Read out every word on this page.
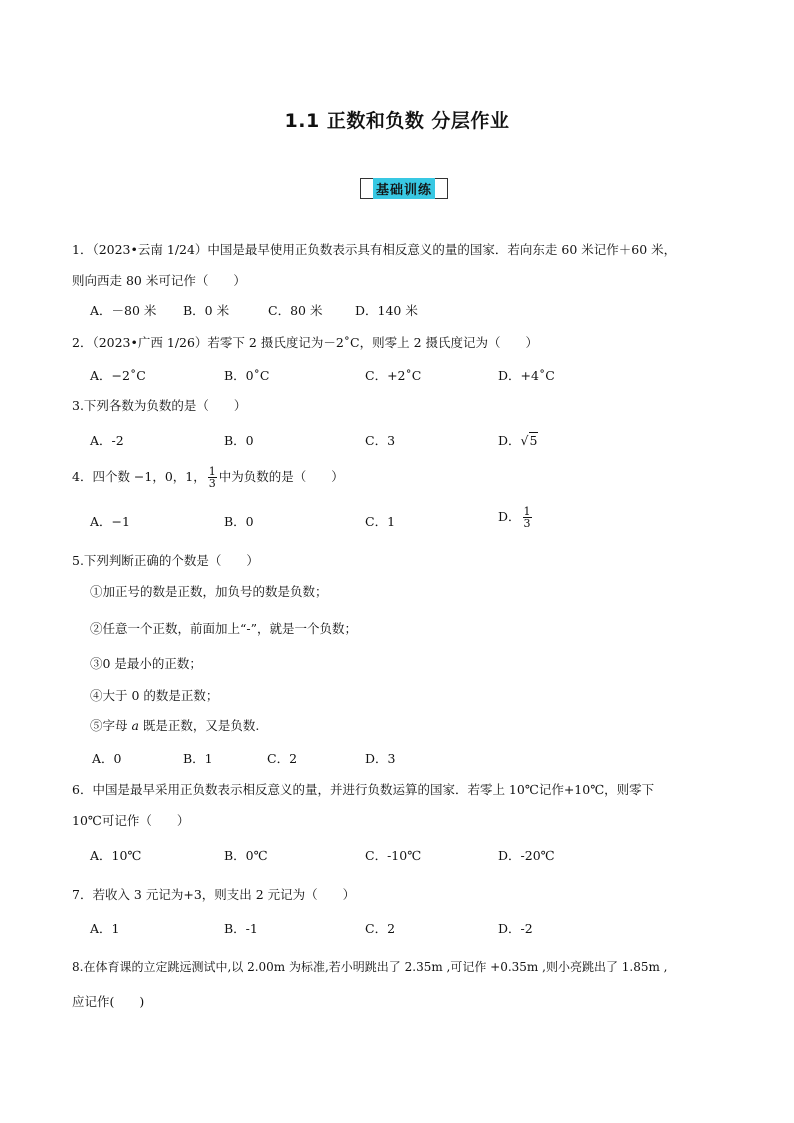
1.1 正数和负数 分层作业
基础训练
1．（2023•云南 1/24）中国是最早使用正负数表示具有相反意义的量的国家．若向东走 60 米记作＋60 米，
则向西走 80 米可记作（　　）
A．－80 米 B．0 米	C．80 米	D．140 米
2．（2023•广西 1/26）若零下 2 摄氏度记为－2˚C，则零上 2 摄氏度记为（　　）
A．−2˚C	B．0˚C	C．+2˚C	D．+4˚C
3.下列各数为负数的是（　　）
A．-2	B．0	C．3	D．√5
4．四个数 −1，0，1， $\frac{1}{3}$ 中为负数的是（　　）
A．−1	B．0	C．1	D． $\frac{1}{3}$
5.下列判断正确的个数是（　　）
①加正号的数是正数，加负号的数是负数；
②任意一个正数，前面加上“-”，就是一个负数；
③0 是最小的正数；
④大于 0 的数是正数；
⑤字母 a 既是正数，又是负数.
A．0	B．1	C．2	D．3
6．中国是最早采用正负数表示相反意义的量，并进行负数运算的国家．若零上 10℃记作+10℃，则零下
10℃可记作（　　）
A．10℃	B．0℃	C．-10℃	D．-20℃
7．若收入 3 元记为+3，则支出 2 元记为（　　）
A．1	B．-1	C．2	D．-2
8.在体育课的立定跳远测试中,以 2.00m 为标准,若小明跳出了 2.35m ,可记作 +0.35m ,则小亮跳出了 1.85m ,
应记作(　　)
